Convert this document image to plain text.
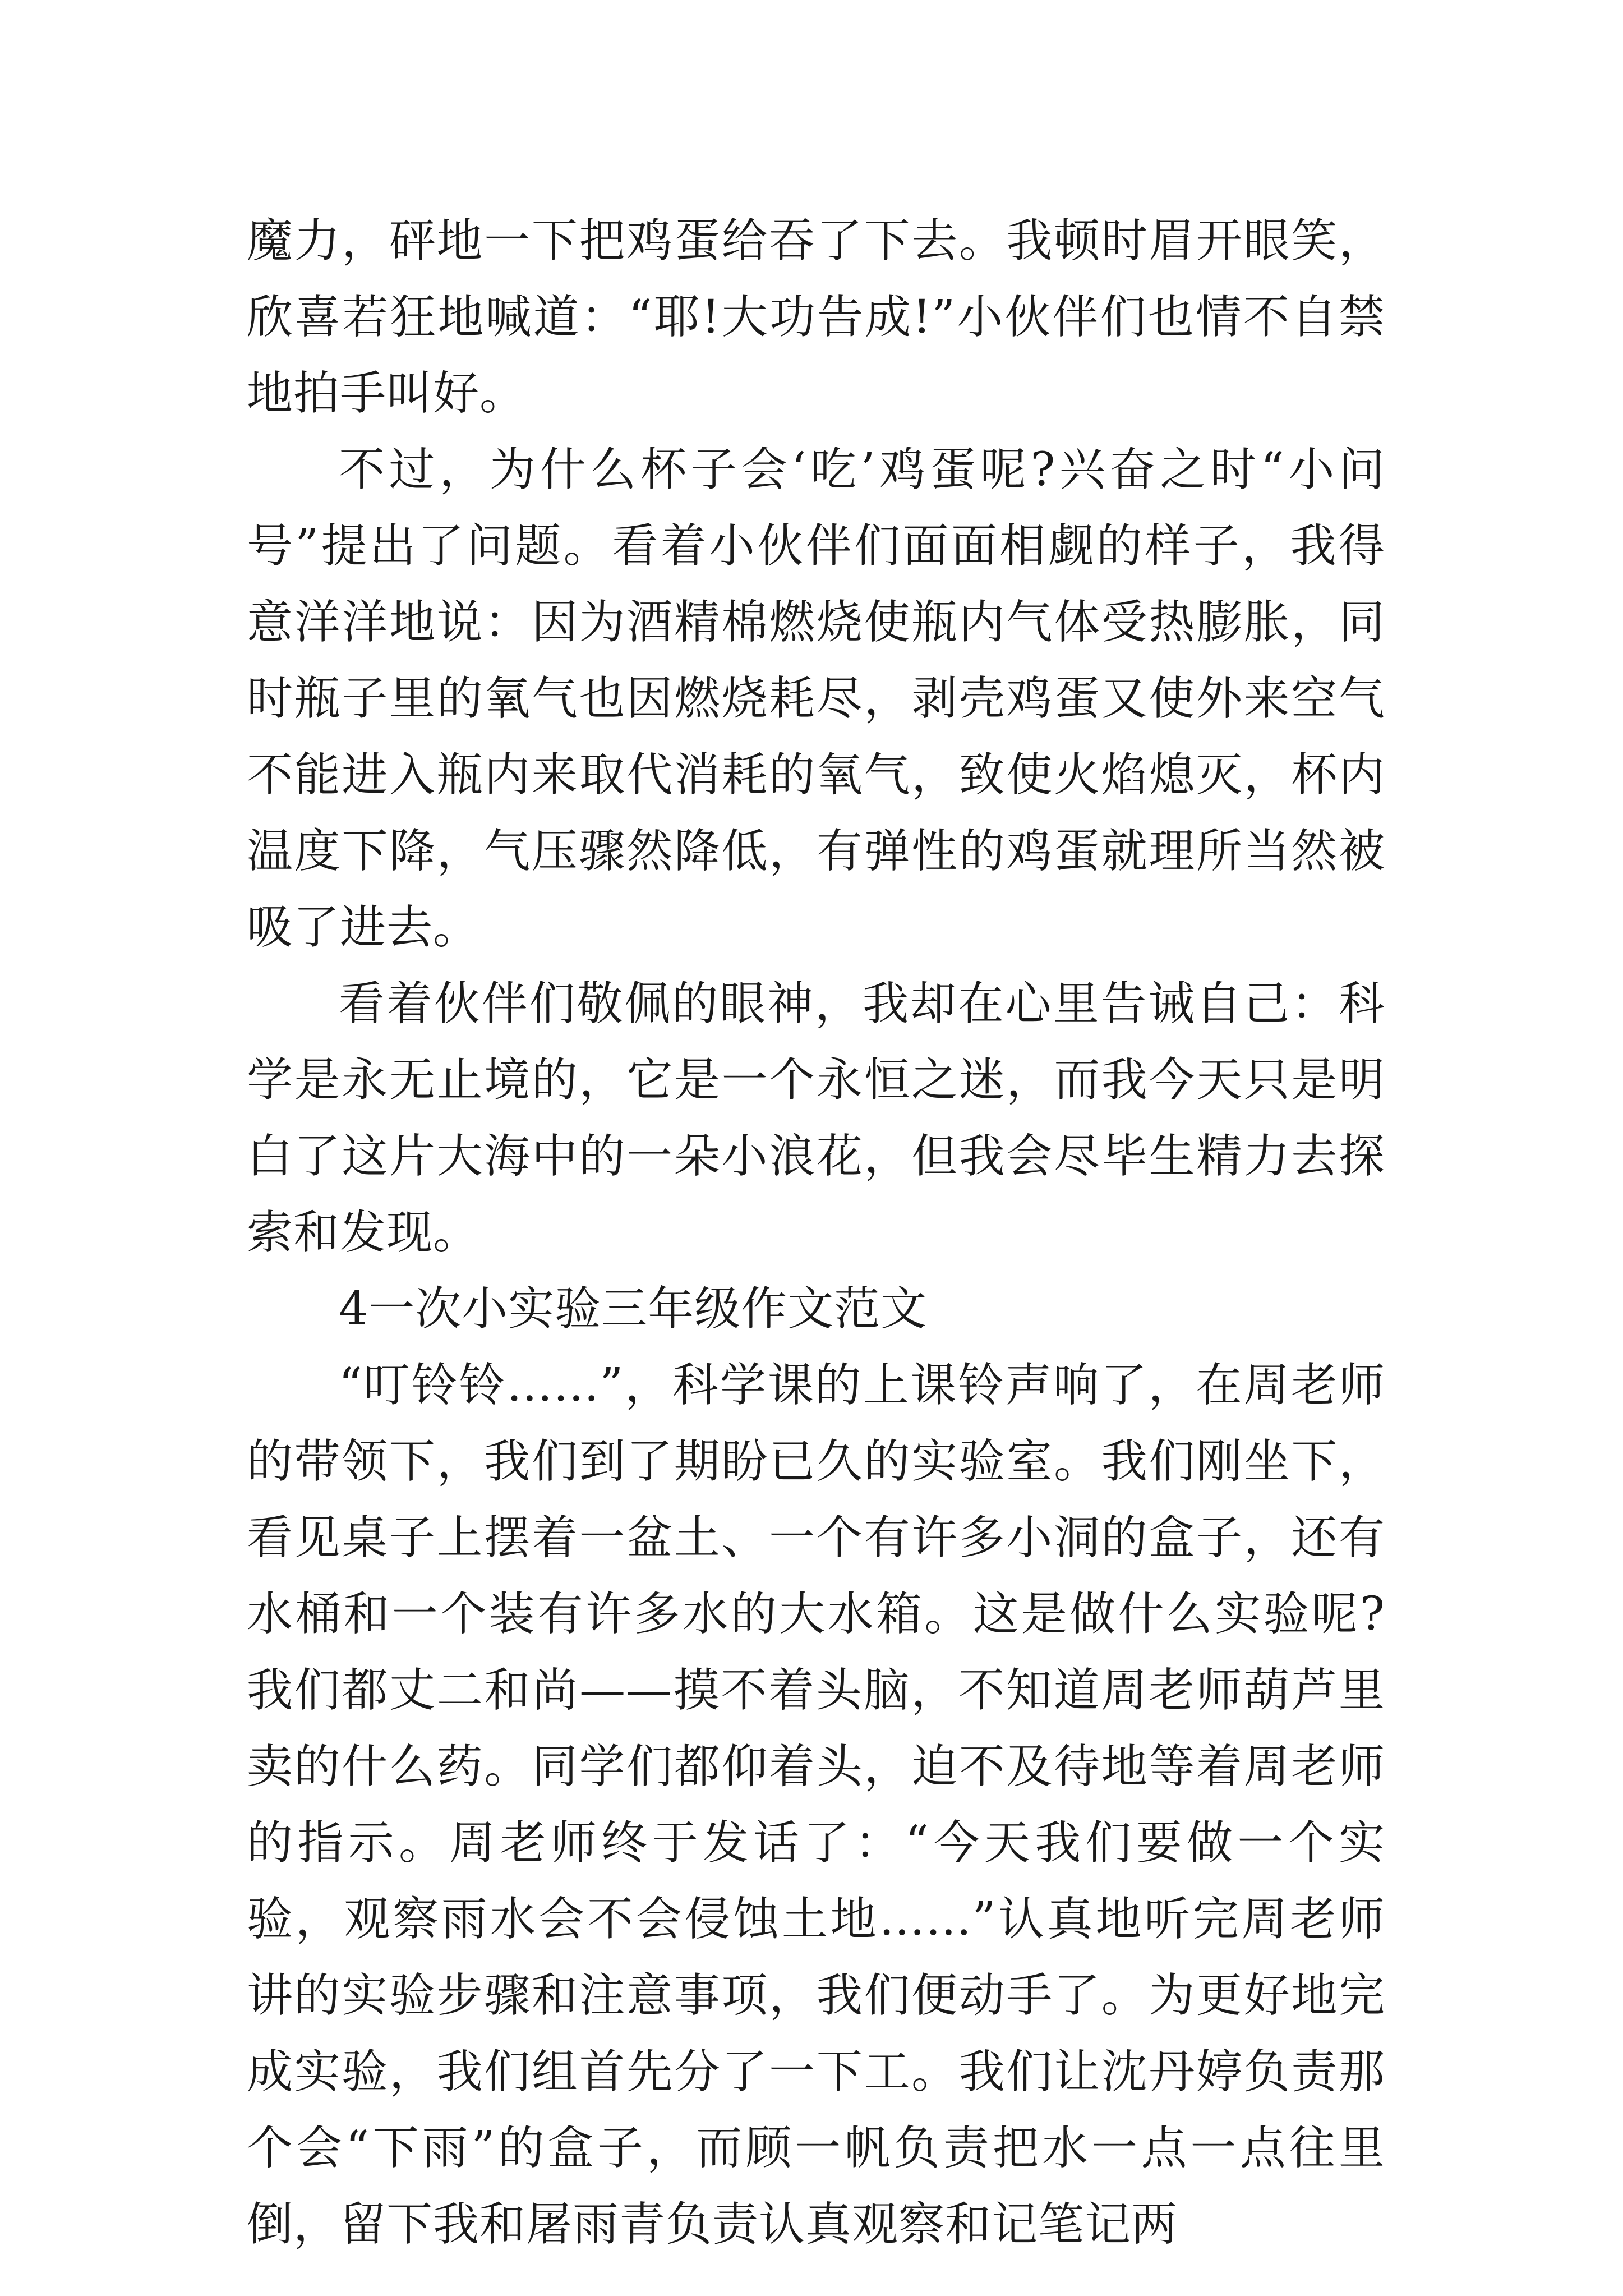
魔力，砰地一下把鸡蛋给吞了下去。我顿时眉开眼笑，欣喜若狂地喊道：“耶!大功告成!”小伙伴们也情不自禁地拍手叫好。

不过，为什么杯子会‘吃’鸡蛋呢?兴奋之时“小问号”提出了问题。看着小伙伴们面面相觑的样子，我得意洋洋地说：因为酒精棉燃烧使瓶内气体受热膨胀，同时瓶子里的氧气也因燃烧耗尽，剥壳鸡蛋又使外来空气不能进入瓶内来取代消耗的氧气，致使火焰熄灭，杯内温度下降，气压骤然降低，有弹性的鸡蛋就理所当然被吸了进去。

看着伙伴们敬佩的眼神，我却在心里告诫自己：科学是永无止境的，它是一个永恒之迷，而我今天只是明白了这片大海中的一朵小浪花，但我会尽毕生精力去探索和发现。

4一次小实验三年级作文范文

“叮铃铃……”，科学课的上课铃声响了，在周老师的带领下，我们到了期盼已久的实验室。我们刚坐下，看见桌子上摆着一盆土、一个有许多小洞的盒子，还有水桶和一个装有许多水的大水箱。这是做什么实验呢?我们都丈二和尚——摸不着头脑，不知道周老师葫芦里卖的什么药。同学们都仰着头，迫不及待地等着周老师的指示。周老师终于发话了：“今天我们要做一个实验，观察雨水会不会侵蚀土地……”认真地听完周老师讲的实验步骤和注意事项，我们便动手了。为更好地完成实验，我们组首先分了一下工。我们让沈丹婷负责那个会“下雨”的盒子，而顾一帆负责把水一点一点往里倒，留下我和屠雨青负责认真观察和记笔记两
